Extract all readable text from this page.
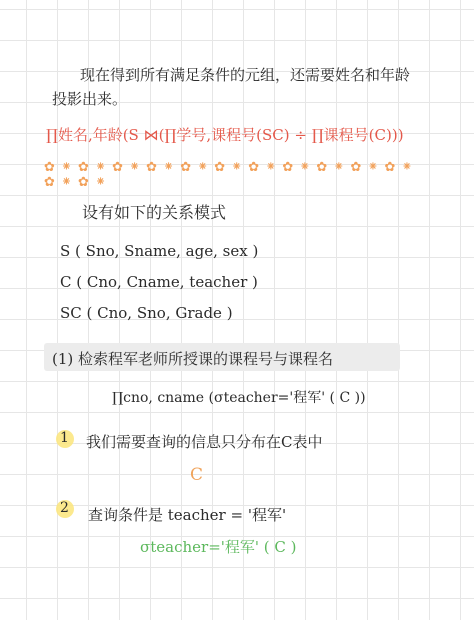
现在得到所有满足条件的元组，还需要姓名和年龄
投影出来。
∏姓名,年龄(S ⋈(∏学号,课程号(SC) ÷ ∏课程号(C)))
✿ ⁕ ✿ ⁕ ✿ ⁕ ✿ ⁕ ✿ ⁕ ✿ ⁕ ✿ ⁕ ✿ ⁕ ✿ ⁕ ✿ ⁕ ✿ ⁕ ✿ ⁕ ✿ ⁕
设有如下的关系模式
S ( Sno, Sname, age, sex )
C ( Cno, Cname, teacher )
SC ( Cno, Sno, Grade )
(1) 检索程军老师所授课的课程号与课程名
∏cno, cname (σteacher='程军' ( C ))
1 我们需要查询的信息只分布在C表中
C
2 查询条件是 teacher = '程军'
σteacher='程军' ( C )
